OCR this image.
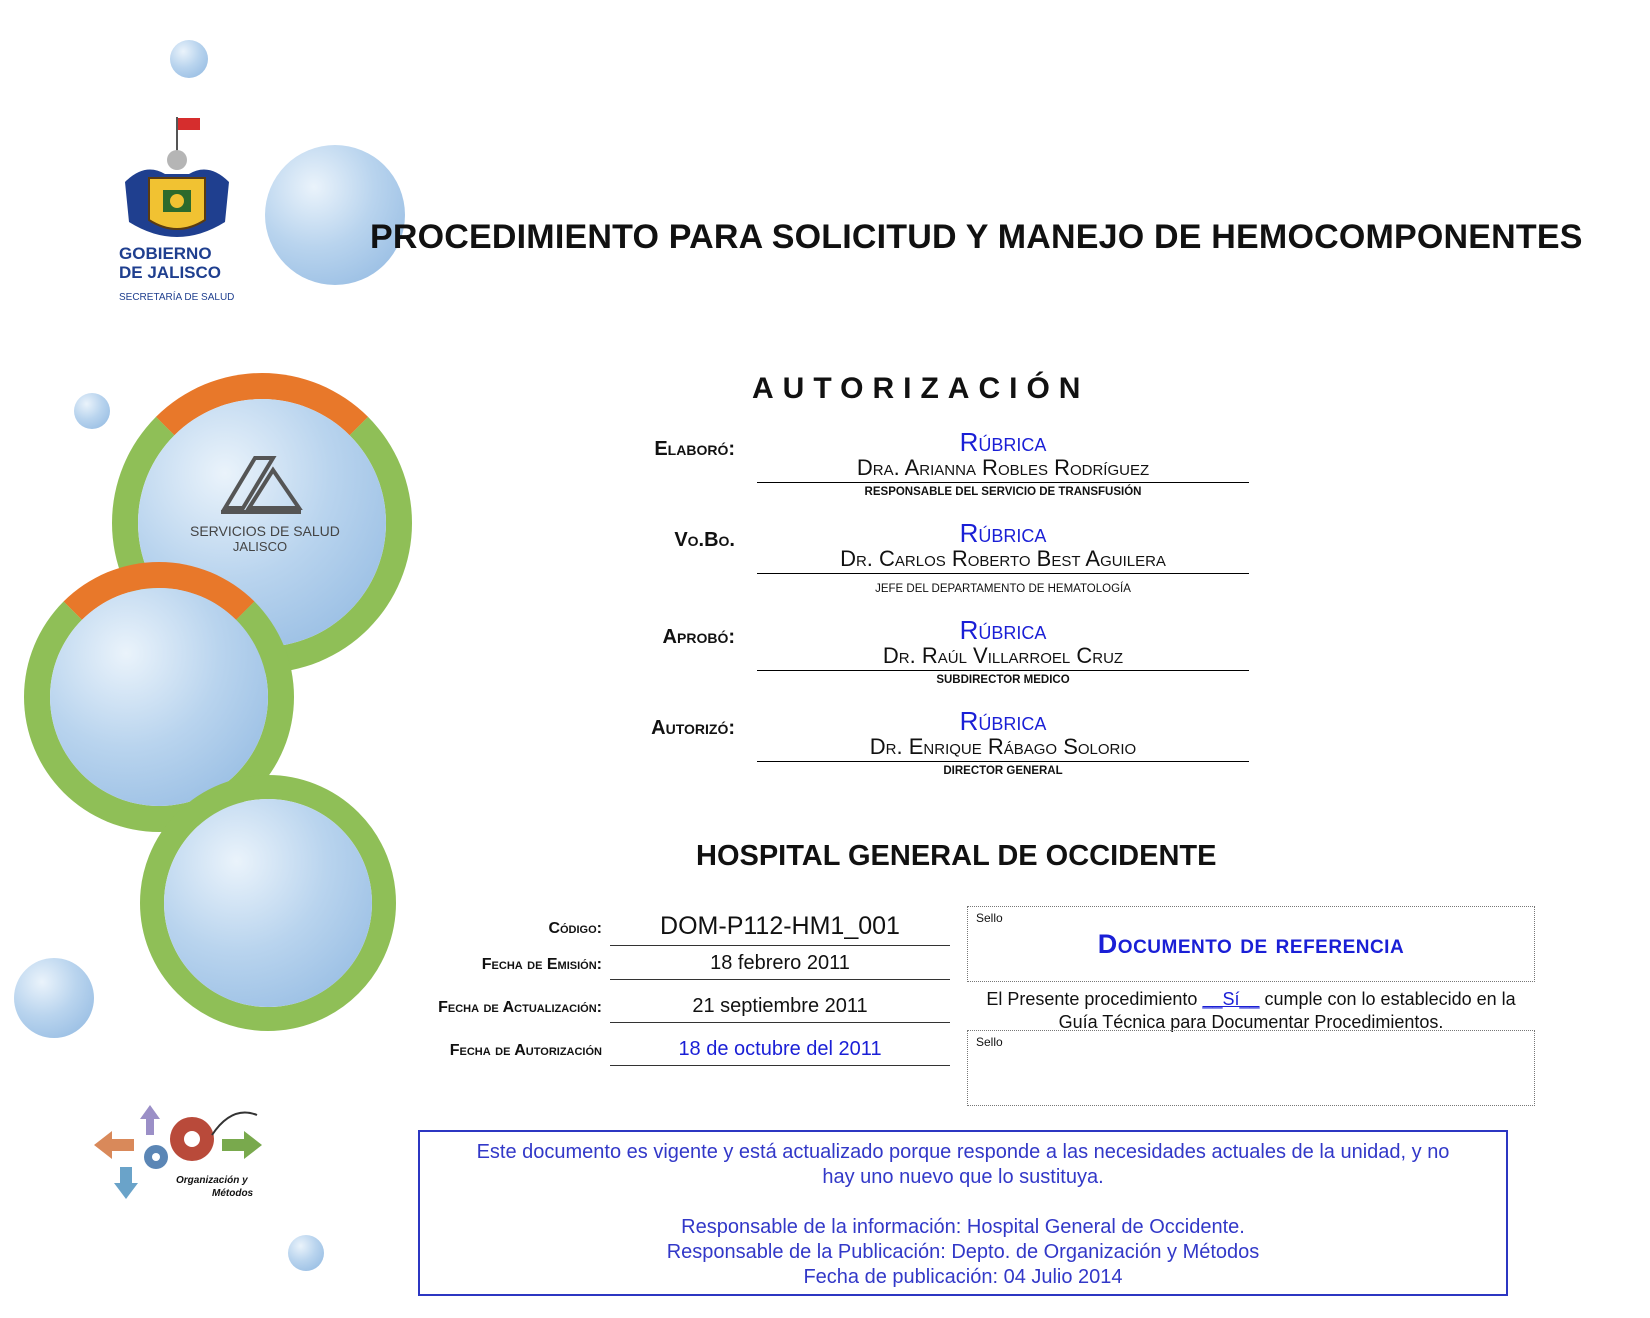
GOBIERNO
DE JALISCO
SECRETARÍA DE SALUD
SERVICIOS DE SALUD
JALISCO
Organización y
Métodos
PROCEDIMIENTO PARA SOLICITUD Y MANEJO DE HEMOCOMPONENTES
AUTORIZACIÓN
Elaboró:	Rúbrica
Dra. Arianna Robles Rodríguez
RESPONSABLE DEL SERVICIO DE TRANSFUSIÓN
Vo.Bo.	Rúbrica
Dr. Carlos Roberto Best Aguilera
JEFE DEL DEPARTAMENTO DE HEMATOLOGÍA
Aprobó:	Rúbrica
Dr. Raúl Villarroel Cruz
SUBDIRECTOR MEDICO
Autorizó:	Rúbrica
Dr. Enrique Rábago Solorio
DIRECTOR GENERAL
HOSPITAL GENERAL DE OCCIDENTE
Código:	DOM-P112-HM1_001
Fecha de Emisión:	18 febrero 2011
Fecha de Actualización:	21 septiembre 2011
Fecha de Autorización	18 de octubre del 2011
Sello
Documento de referencia
El Presente procedimiento __Sí__ cumple con lo establecido en la Guía Técnica para Documentar Procedimientos.
Sello

Este documento es vigente y está actualizado porque responde a las necesidades actuales de la unidad, y no hay uno nuevo que lo sustituya.

Responsable de la información: Hospital General de Occidente.

Responsable de la Publicación: Depto. de Organización y Métodos

Fecha de publicación: 04 Julio 2014
